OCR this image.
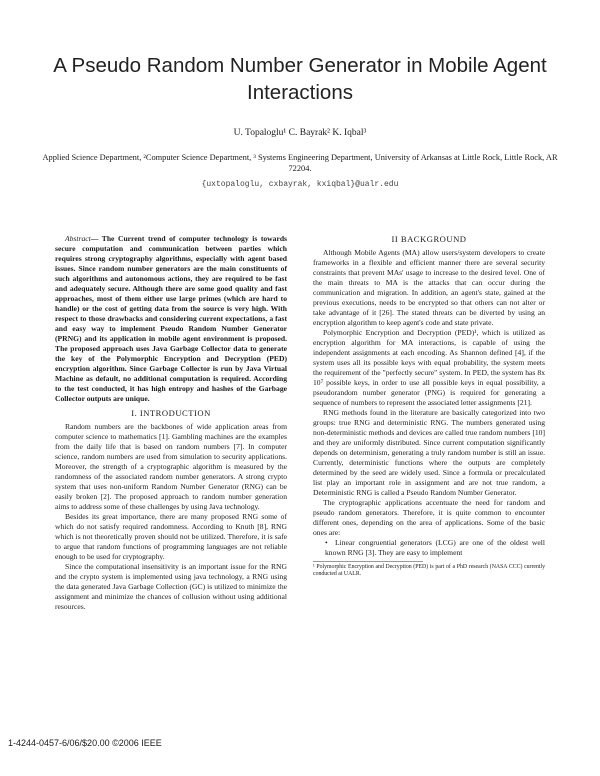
A Pseudo Random Number Generator in Mobile Agent Interactions
U. Topaloglu¹ C. Bayrak² K. Iqbal³
Applied Science Department, ²Computer Science Department, ³ Systems Engineering Department, University of Arkansas at Little Rock, Little Rock, AR 72204.
{uxtopaloglu, cxbayrak, kxiqbal}@ualr.edu

Abstract— The Current trend of computer technology is towards secure computation and communication between parties which requires strong cryptography algorithms, especially with agent based issues. Since random number generators are the main constituents of such algorithms and autonomous actions, they are required to be fast and adequately secure. Although there are some good quality and fast approaches, most of them either use large primes (which are hard to handle) or the cost of getting data from the source is very high. With respect to those drawbacks and considering current expectations, a fast and easy way to implement Pseudo Random Number Generator (PRNG) and its application in mobile agent environment is proposed. The proposed approach uses Java Garbage Collector data to generate the key of the Polymorphic Encryption and Decryption (PED) encryption algorithm. Since Garbage Collector is run by Java Virtual Machine as default, no additional computation is required. According to the test conducted, it has high entropy and hashes of the Garbage Collector outputs are unique.

I. INTRODUCTION

Random numbers are the backbones of wide application areas from computer science to mathematics [1]. Gambling machines are the examples from the daily life that is based on random numbers [7]. In computer science, random numbers are used from simulation to security applications. Moreover, the strength of a cryptographic algorithm is measured by the randomness of the associated random number generators. A strong crypto system that uses non-uniform Random Number Generator (RNG) can be easily broken [2]. The proposed approach to random number generation aims to address some of these challenges by using Java technology.

Besides its great importance, there are many proposed RNG some of which do not satisfy required randomness. According to Knuth [8], RNG which is not theoretically proven should not be utilized. Therefore, it is safe to argue that random functions of programming languages are not reliable enough to be used for cryptography.

Since the computational insensitivity is an important issue for the RNG and the crypto system is implemented using java technology, a RNG using the data generated Java Garbage Collection (GC) is utilized to minimize the assignment and minimize the chances of collusion without using additional resources.

II BACKGROUND

Although Mobile Agents (MA) allow users/system developers to create frameworks in a flexible and efficient manner there are several security constraints that prevent MAs' usage to increase to the desired level. One of the main threats to MA is the attacks that can occur during the communication and migration. In addition, an agent's state, gained at the previous executions, needs to be encrypted so that others can not alter or take advantage of it [26]. The stated threats can be diverted by using an encryption algorithm to keep agent's code and state private.

Polymorphic Encryption and Decryption (PED)¹, which is utilized as encryption algorithm for MA interactions, is capable of using the independent assignments at each encoding. As Shannon defined [4], if the system uses all its possible keys with equal probability, the system meets the requirement of the "perfectly secure" system. In PED, the system has 8x 10⁷ possible keys, in order to use all possible keys in equal possibility, a pseudorandom number generator (PNG) is required for generating a sequence of numbers to represent the associated letter assignments [21].

RNG methods found in the literature are basically categorized into two groups: true RNG and deterministic RNG. The numbers generated using non-deterministic methods and devices are called true random numbers [10] and they are uniformly distributed. Since current computation significantly depends on determinism, generating a truly random number is still an issue. Currently, deterministic functions where the outputs are completely determined by the seed are widely used. Since a formula or precalculated list play an important role in assignment and are not true random, a Deterministic RNG is called a Pseudo Random Number Generator.

The cryptographic applications accentuate the need for random and pseudo random generators. Therefore, it is quite common to encounter different ones, depending on the area of applications. Some of the basic ones are:

• Linear congruential generators (LCG) are one of the oldest well known RNG [3]. They are easy to implement

¹ Polymorphic Encryption and Decryption (PED) is part of a PhD research (NASA CCC) currently conducted at UALR.
1-4244-0457-6/06/$20.00 ©2006 IEEE
